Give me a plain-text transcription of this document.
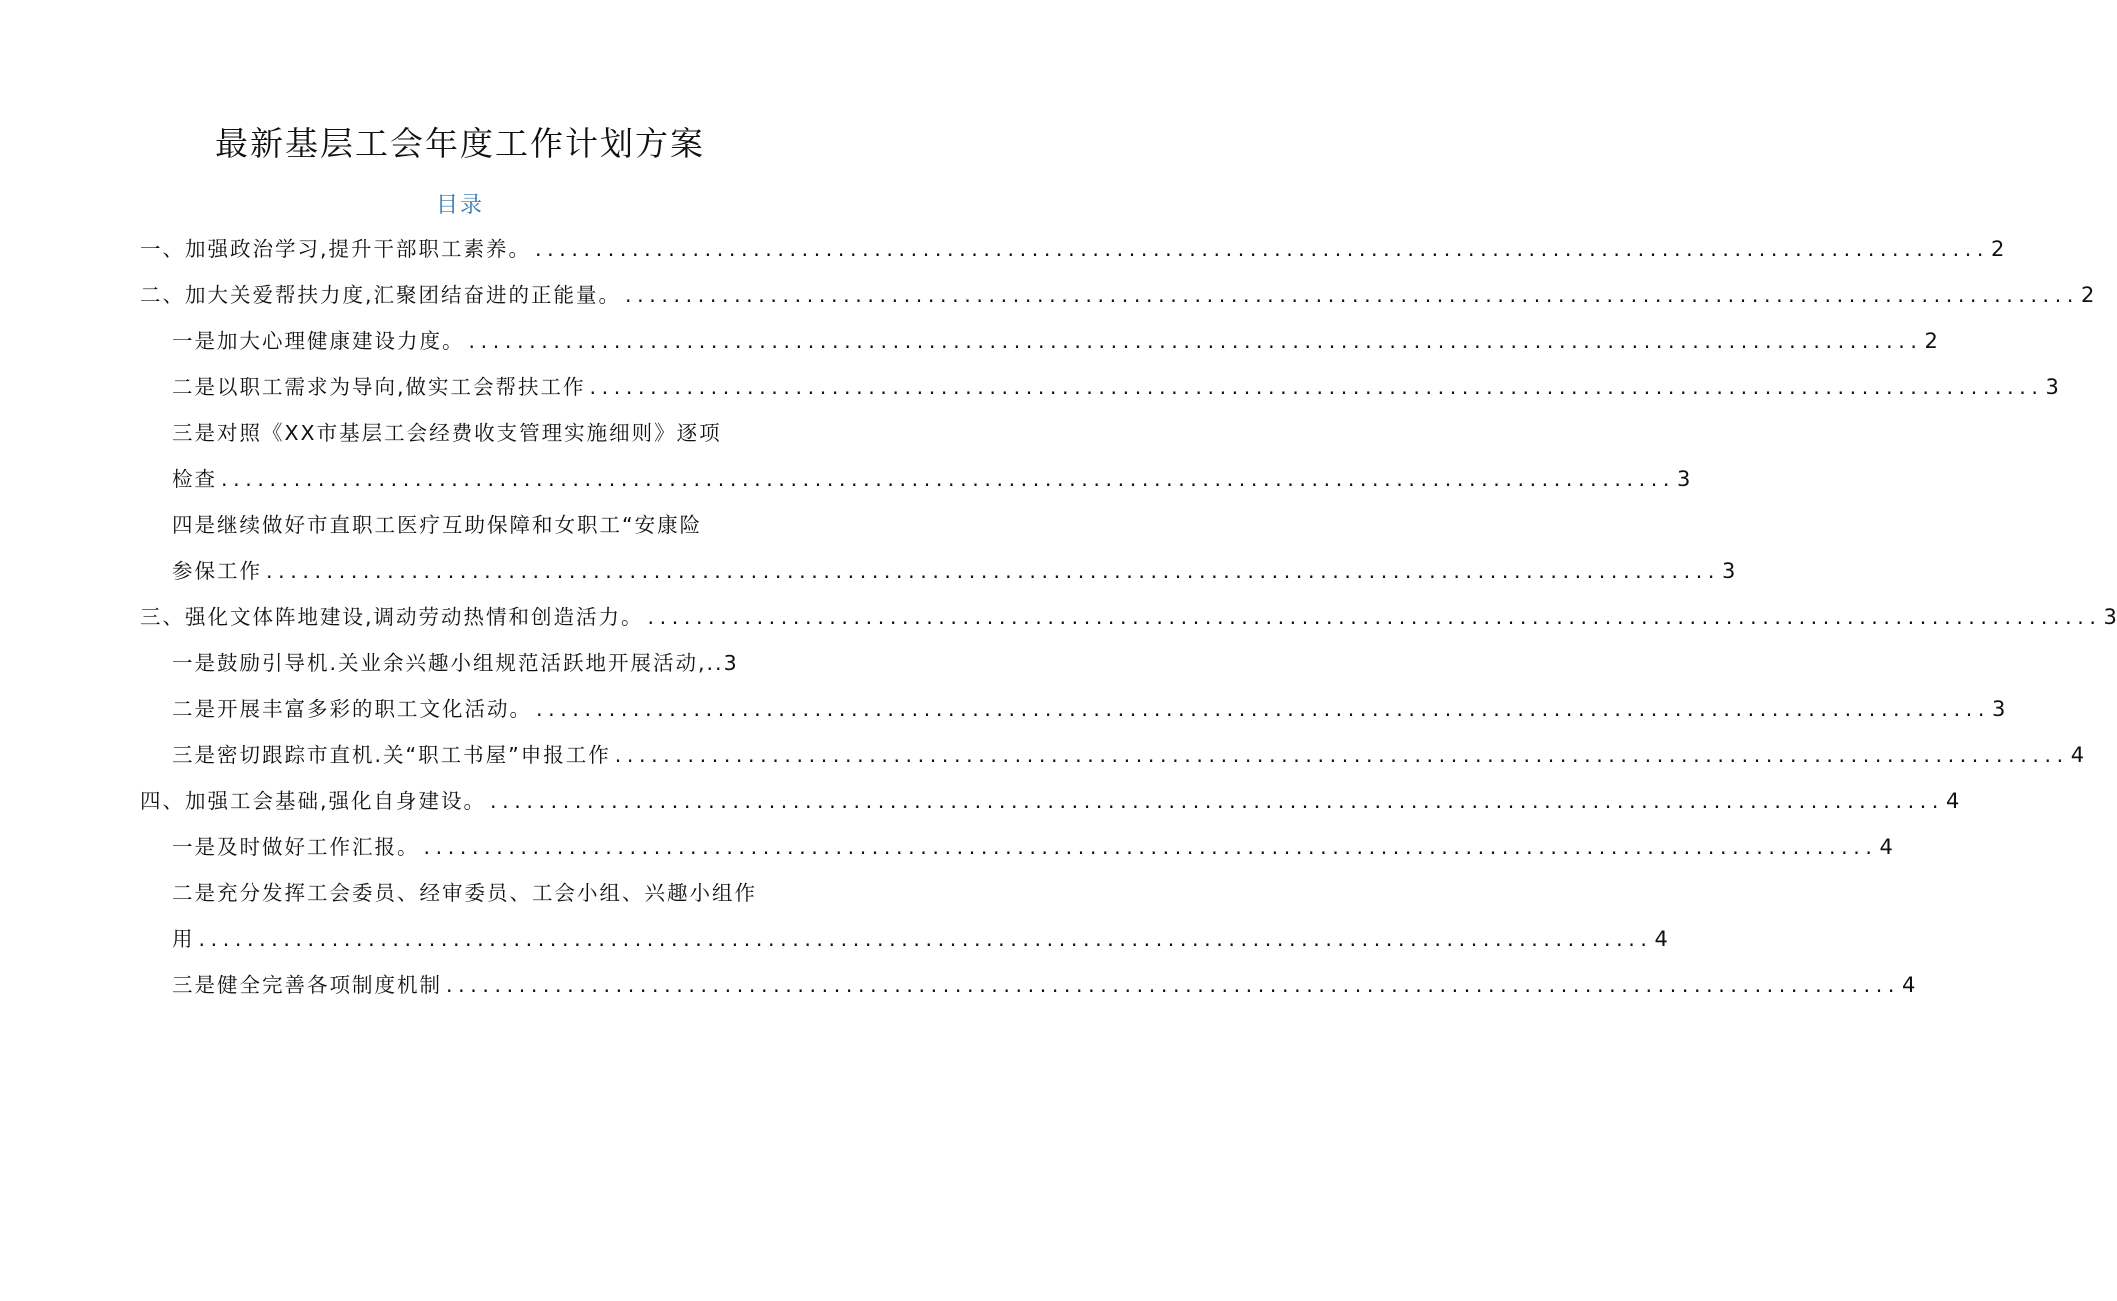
最新基层工会年度工作计划方案
目录
一、加强政治学习,提升干部职工素养。 ........................................................................................................................ 2
二、加大关爱帮扶力度,汇聚团结奋进的正能量。 ........................................................................................................................ 2
一是加大心理健康建设力度。 ........................................................................................................................ 2
二是以职工需求为导向,做实工会帮扶工作 ........................................................................................................................ 3
三是对照《XX市基层工会经费收支管理实施细则》逐项
检查 ........................................................................................................................ 3
四是继续做好市直职工医疗互助保障和女职工“安康险
参保工作 ........................................................................................................................ 3
三、强化文体阵地建设,调动劳动热情和创造活力。 ........................................................................................................................ 3
一是鼓励引导机.关业余兴趣小组规范活跃地开展活动,..3
二是开展丰富多彩的职工文化活动。 ........................................................................................................................ 3
三是密切跟踪市直机.关“职工书屋”申报工作 ........................................................................................................................ 4
四、加强工会基础,强化自身建设。 ........................................................................................................................ 4
一是及时做好工作汇报。 ........................................................................................................................ 4
二是充分发挥工会委员、经审委员、工会小组、兴趣小组作
用 ........................................................................................................................ 4
三是健全完善各项制度机制 ........................................................................................................................ 4
